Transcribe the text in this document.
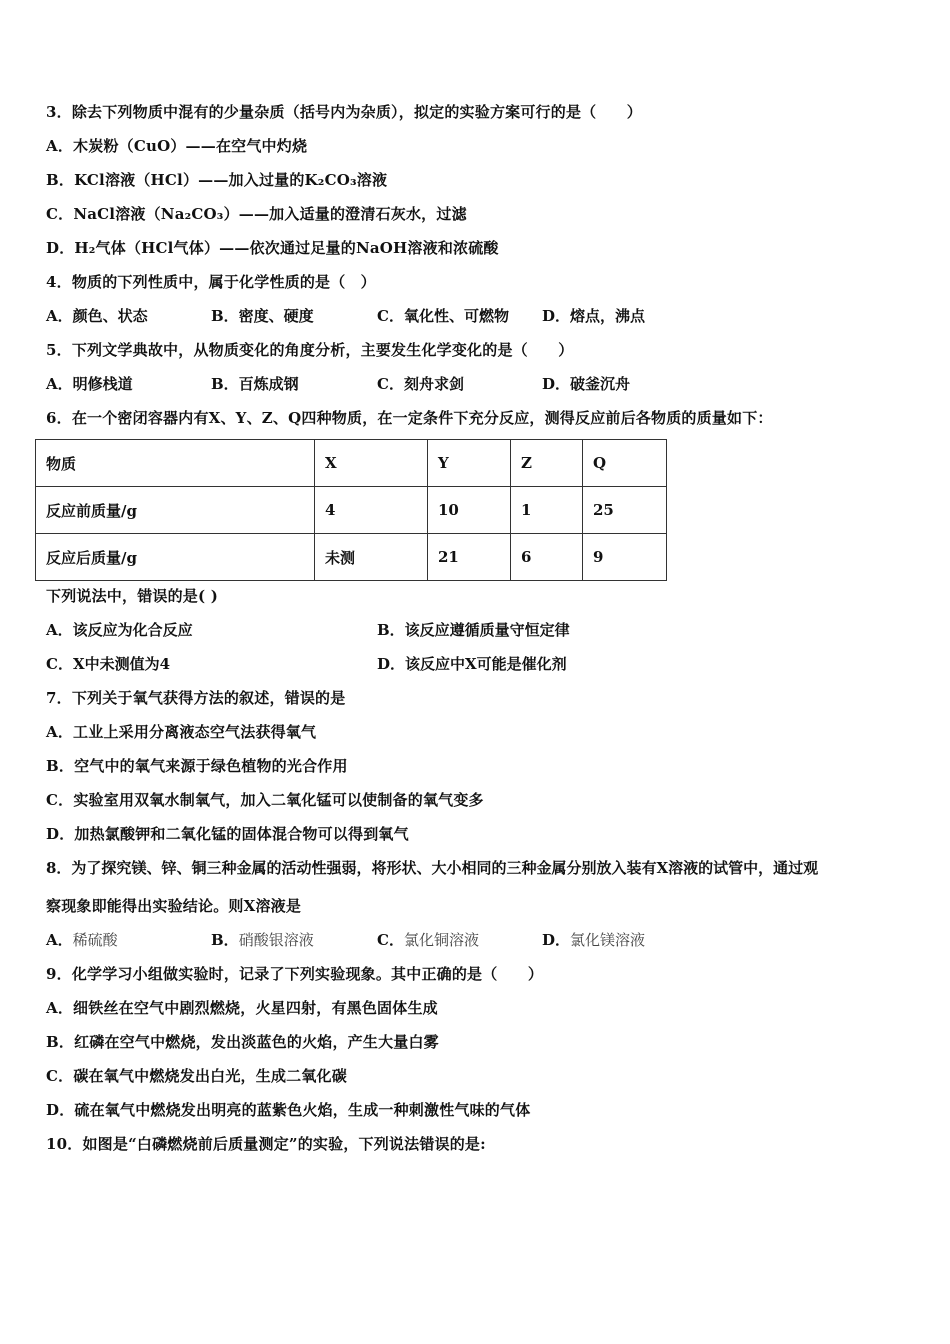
3．除去下列物质中混有的少量杂质（括号内为杂质），拟定的实验方案可行的是（　　）
A．木炭粉（CuO）——在空气中灼烧
B．KCl溶液（HCl）——加入过量的K₂CO₃溶液
C．NaCl溶液（Na₂CO₃）——加入适量的澄清石灰水，过滤
D．H₂气体（HCl气体）——依次通过足量的NaOH溶液和浓硫酸
4．物质的下列性质中，属于化学性质的是（　）
A．颜色、状态	B．密度、硬度	C．氧化性、可燃物 D．熔点，沸点
5．下列文学典故中，从物质变化的角度分析，主要发生化学变化的是（　　）
A．明修栈道	B．百炼成钢	C．刻舟求剑	D．破釜沉舟
6．在一个密闭容器内有X、Y、Z、Q四种物质，在一定条件下充分反应，测得反应前后各物质的质量如下：
物质	X	Y	Z	Q
反应前质量/g	4	10	1	25
反应后质量/g	未测	21	6	9
下列说法中，错误的是( )
A．该反应为化合反应	B．该反应遵循质量守恒定律
C．X中未测值为4	D．该反应中X可能是催化剂
7．下列关于氧气获得方法的叙述，错误的是
A．工业上采用分离液态空气法获得氧气
B．空气中的氧气来源于绿色植物的光合作用
C．实验室用双氧水制氧气，加入二氧化锰可以使制备的氧气变多
D．加热氯酸钾和二氧化锰的固体混合物可以得到氧气
8．为了探究镁、锌、铜三种金属的活动性强弱，将形状、大小相同的三种金属分别放入装有X溶液的试管中，通过观
察现象即能得出实验结论。则X溶液是
A．稀硫酸	B．硝酸银溶液	C．氯化铜溶液	D．氯化镁溶液
9．化学学习小组做实验时，记录了下列实验现象。其中正确的是（　　）
A．细铁丝在空气中剧烈燃烧，火星四射，有黑色固体生成
B．红磷在空气中燃烧，发出淡蓝色的火焰，产生大量白雾
C．碳在氧气中燃烧发出白光，生成二氧化碳
D．硫在氧气中燃烧发出明亮的蓝紫色火焰，生成一种刺激性气味的气体
10．如图是“白磷燃烧前后质量测定”的实验，下列说法错误的是:
